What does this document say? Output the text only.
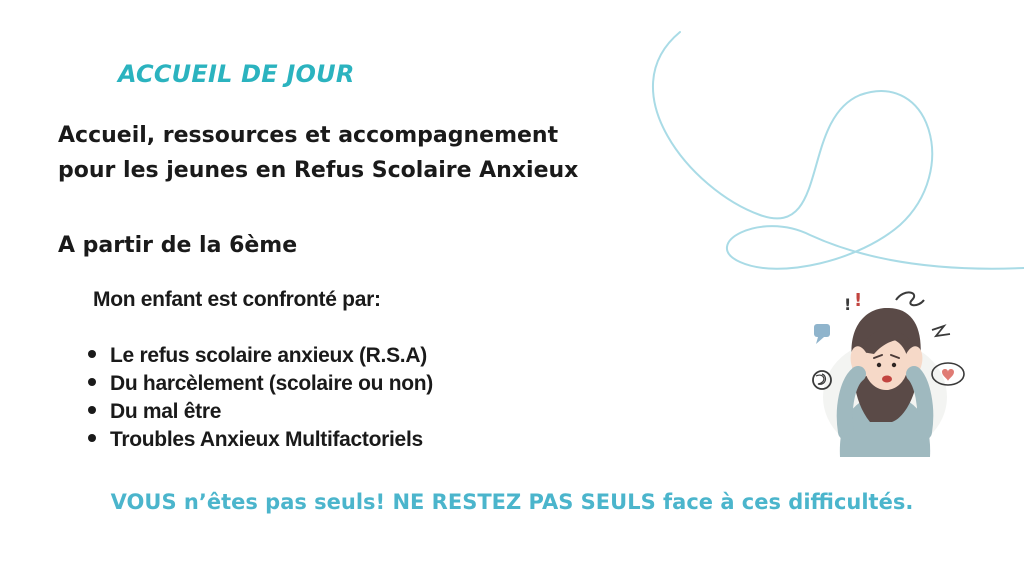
ACCUEIL DE JOUR
Accueil, ressources et accompagnement
pour les jeunes en Refus Scolaire Anxieux
A partir de la 6ème
Mon enfant est confronté par:
Le refus scolaire anxieux (R.S.A)
Du harcèlement (scolaire ou non)
Du mal être
Troubles Anxieux Multifactoriels
! !
VOUS n’êtes pas seuls! NE RESTEZ PAS SEULS face à ces difficultés.
